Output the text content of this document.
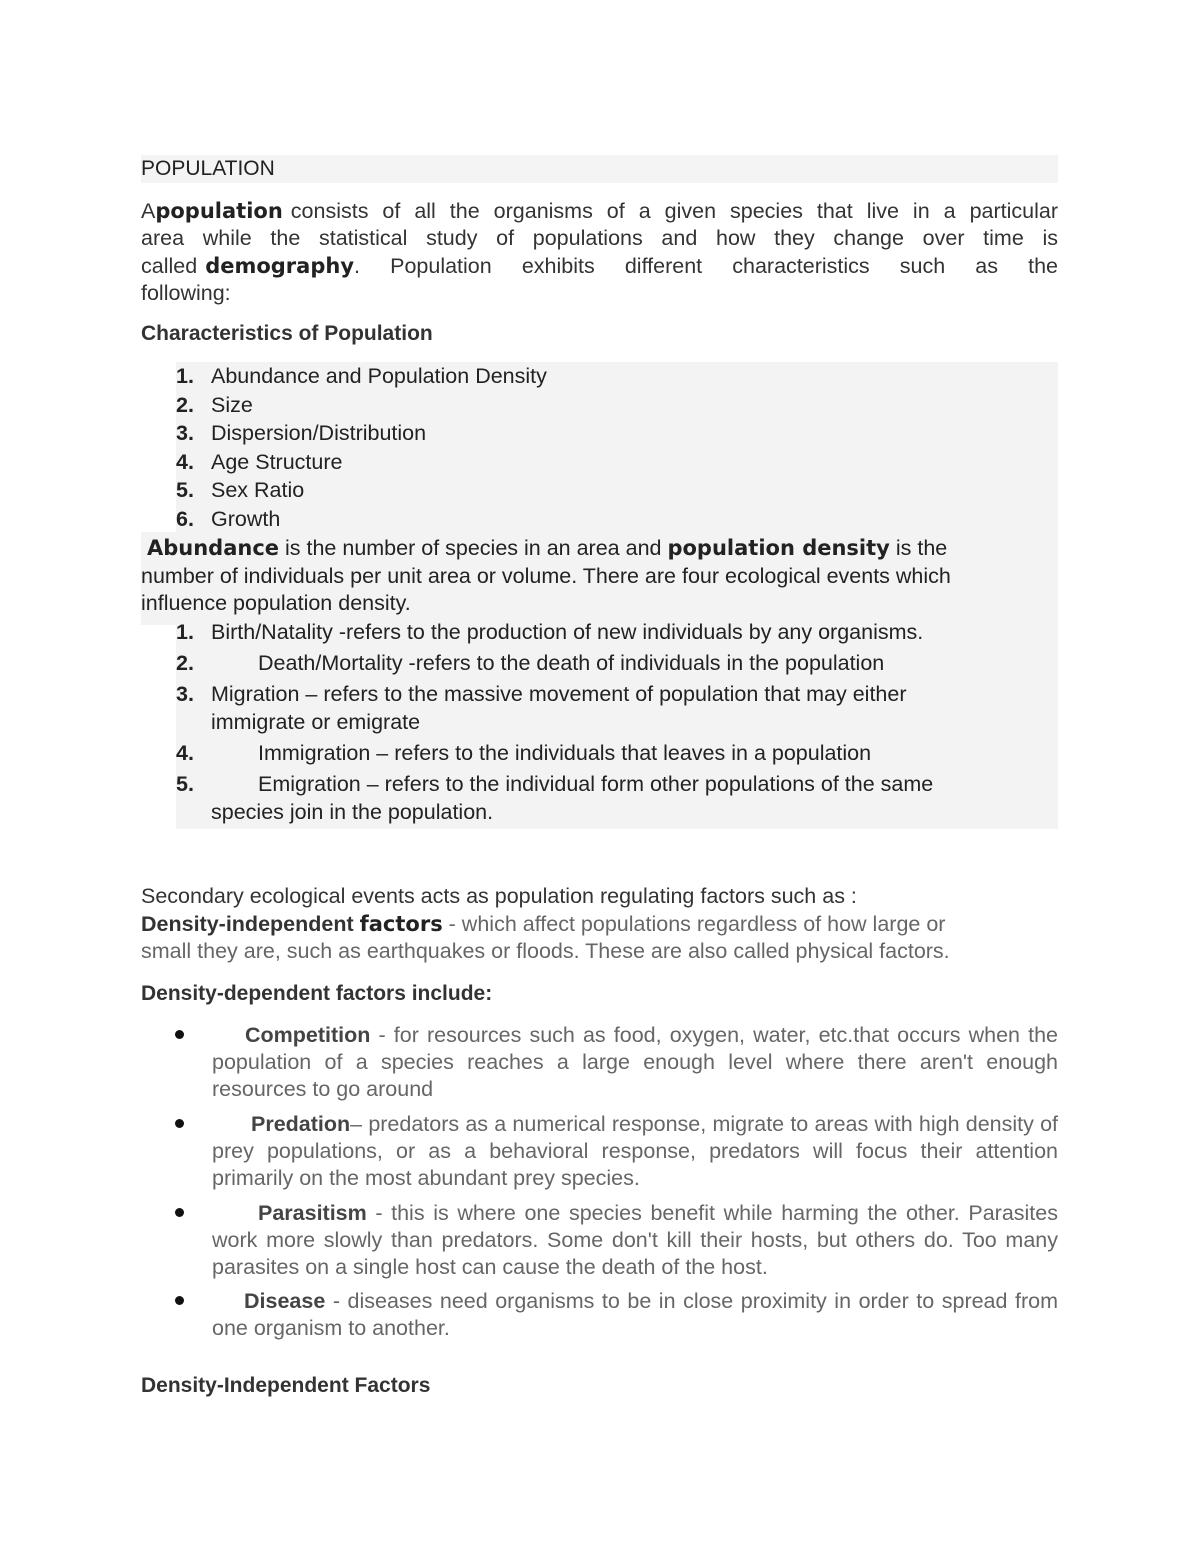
POPULATION
A population consists of all the organisms of a given species that live in a particular
area while the statistical study of populations and how they change over time is
called demography . Population exhibits different characteristics such as the
following:
Characteristics of Population
1. Abundance and Population Density
2. Size
3. Dispersion/Distribution
4. Age Structure
5. Sex Ratio
6. Growth
Abundance is the number of species in an area and population density is the
number of individuals per unit area or volume. There are four ecological events which
influence population density.
1. Birth/Natality -refers to the production of new individuals by any organisms.
2.	Death/Mortality -refers to the death of individuals in the population
3. Migration – refers to the massive movement of population that may either
immigrate or emigrate
4.	Immigration – refers to the individuals that leaves in a population
5.	Emigration – refers to the individual form other populations of the same
species join in the population.
Secondary ecological events acts as population regulating factors such as :
Density-independent factors - which affect populations regardless of how large or
small they are, such as earthquakes or floods. These are also called physical factors.
Density-dependent factors include:
Competition - for resources such as food, oxygen, water, etc.that occurs when the population of a species reaches a large enough level where there aren't enough resources to go around
Predation– predators as a numerical response, migrate to areas with high density of prey populations, or as a behavioral response, predators will focus their attention primarily on the most abundant prey species.
Parasitism - this is where one species benefit while harming the other. Parasites work more slowly than predators. Some don't kill their hosts, but others do. Too many parasites on a single host can cause the death of the host.
Disease - diseases need organisms to be in close proximity in order to spread from one organism to another.
Density-Independent Factors
